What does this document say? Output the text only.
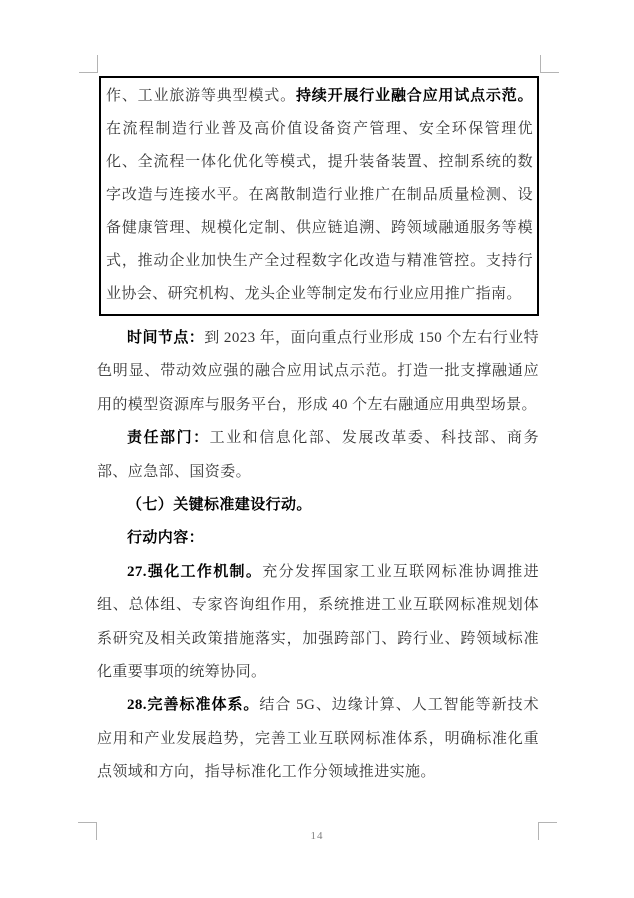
作、工业旅游等典型模式。持续开展行业融合应用试点示范。在流程制造行业普及高价值设备资产管理、安全环保管理优化、全流程一体化优化等模式，提升装备装置、控制系统的数字改造与连接水平。在离散制造行业推广在制品质量检测、设备健康管理、规模化定制、供应链追溯、跨领域融通服务等模式，推动企业加快生产全过程数字化改造与精准管控。支持行业协会、研究机构、龙头企业等制定发布行业应用推广指南。

时间节点：到 2023 年，面向重点行业形成 150 个左右行业特色明显、带动效应强的融合应用试点示范。打造一批支撑融通应用的模型资源库与服务平台，形成 40 个左右融通应用典型场景。

责任部门：工业和信息化部、发展改革委、科技部、商务部、应急部、国资委。

（七）关键标准建设行动。

行动内容：

27.强化工作机制。充分发挥国家工业互联网标准协调推进组、总体组、专家咨询组作用，系统推进工业互联网标准规划体系研究及相关政策措施落实，加强跨部门、跨行业、跨领域标准化重要事项的统筹协同。

28.完善标准体系。结合 5G、边缘计算、人工智能等新技术应用和产业发展趋势，完善工业互联网标准体系，明确标准化重点领域和方向，指导标准化工作分领域推进实施。

14
